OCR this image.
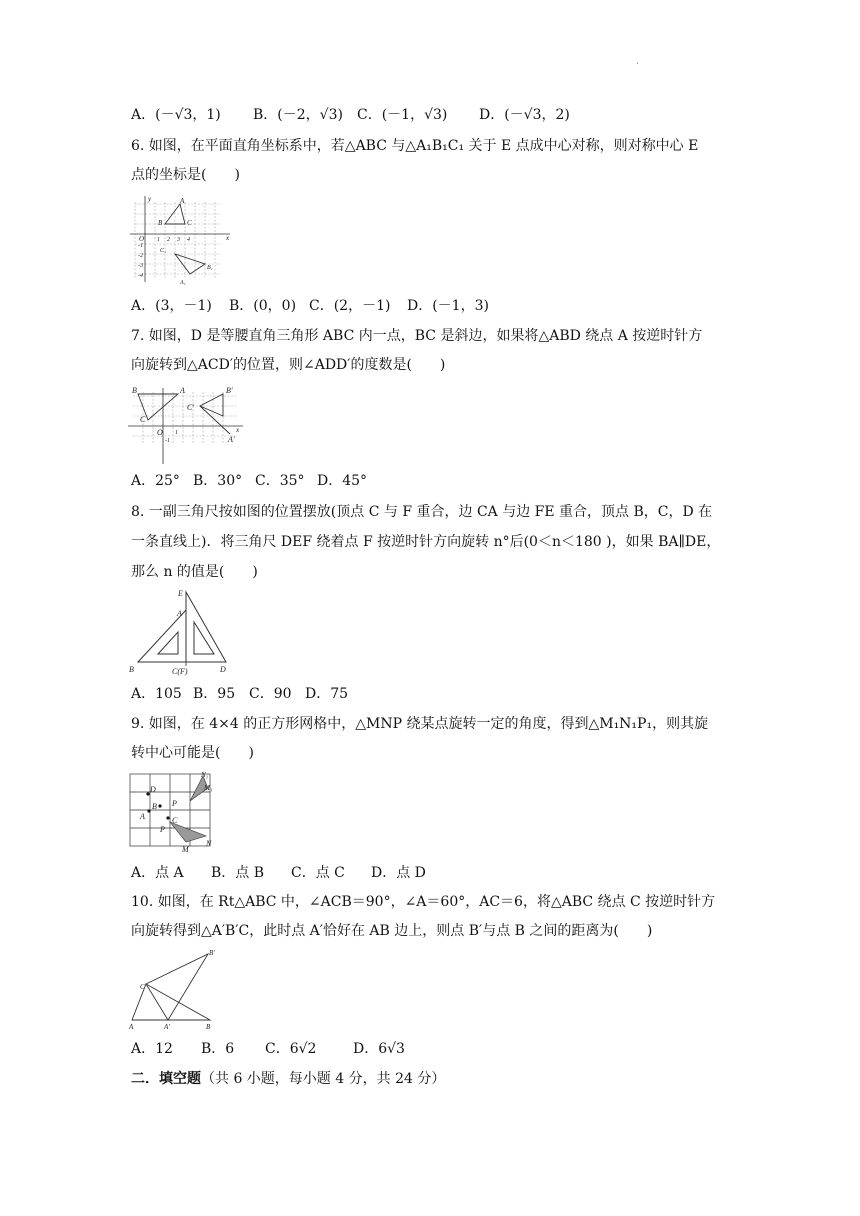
.
A．(－√3，1) B．(－2，√3) C．(－1，√3) D．(－√3，2)
6. 如图，在平面直角坐标系中，若△ABC 与△A₁B₁C₁ 关于 E 点成中心对称，则对称中心 E
点的坐标是(　　)
y
x
O
A
B	C
A₁
B₁
C₁
1 2 3 4
-1
-2
-3
-4
A．(3，－1) B．(0，0) C．(2，－1) D．(－1，3)
7. 如图，D 是等腰直角三角形 ABC 内一点，BC 是斜边，如果将△ABD 绕点 A 按逆时针方
向旋转到△ACD′的位置，则∠ADD′的度数是(　　)
B	A	B′
C
O	x
C′
A′
1
-1
A．25° B．30° C．35° D．45°
8. 一副三角尺按如图的位置摆放(顶点 C 与 F 重合，边 CA 与边 FE 重合，顶点 B，C，D 在
一条直线上)．将三角尺 DEF 绕着点 F 按逆时针方向旋转 n°后(0＜n＜180 )，如果 BA∥DE，
那么 n 的值是(　　)
E
A
B	C(F)	D
A．105 B．95 C．90 D．75
9. 如图，在 4×4 的正方形网格中，△MNP 绕某点旋转一定的角度，得到△M₁N₁P₁，则其旋
转中心可能是(　　)
D
B
A	C
P
P
M
N
N₁
M₁
A．点 A B．点 B C．点 C D．点 D
10. 如图，在 Rt△ABC 中，∠ACB＝90°，∠A＝60°，AC＝6，将△ABC 绕点 C 按逆时针方
向旋转得到△A′B′C，此时点 A′恰好在 AB 边上，则点 B′与点 B 之间的距离为(　　)
B′
C
A	A′	B
A．12 B．6 C．6√2	D．6√3
二．填空题（共 6 小题，每小题 4 分，共 24 分）
